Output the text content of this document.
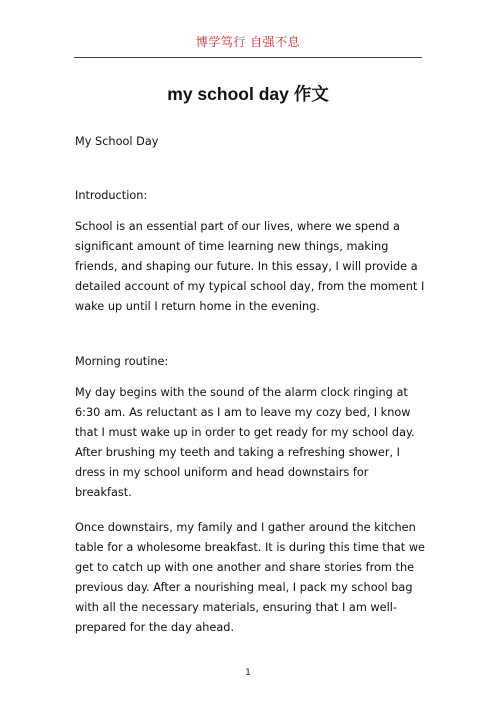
博学笃行 自强不息
my school day 作文

My School Day

Introduction:

School is an essential part of our lives, where we spend a significant amount of time learning new things, making friends, and shaping our future. In this essay, I will provide a detailed account of my typical school day, from the moment I wake up until I return home in the evening.

Morning routine:

My day begins with the sound of the alarm clock ringing at 6:30 am. As reluctant as I am to leave my cozy bed, I know that I must wake up in order to get ready for my school day. After brushing my teeth and taking a refreshing shower, I dress in my school uniform and head downstairs for breakfast.

Once downstairs, my family and I gather around the kitchen table for a wholesome breakfast. It is during this time that we get to catch up with one another and share stories from the previous day. After a nourishing meal, I pack my school bag with all the necessary materials, ensuring that I am well-prepared for the day ahead.

1
